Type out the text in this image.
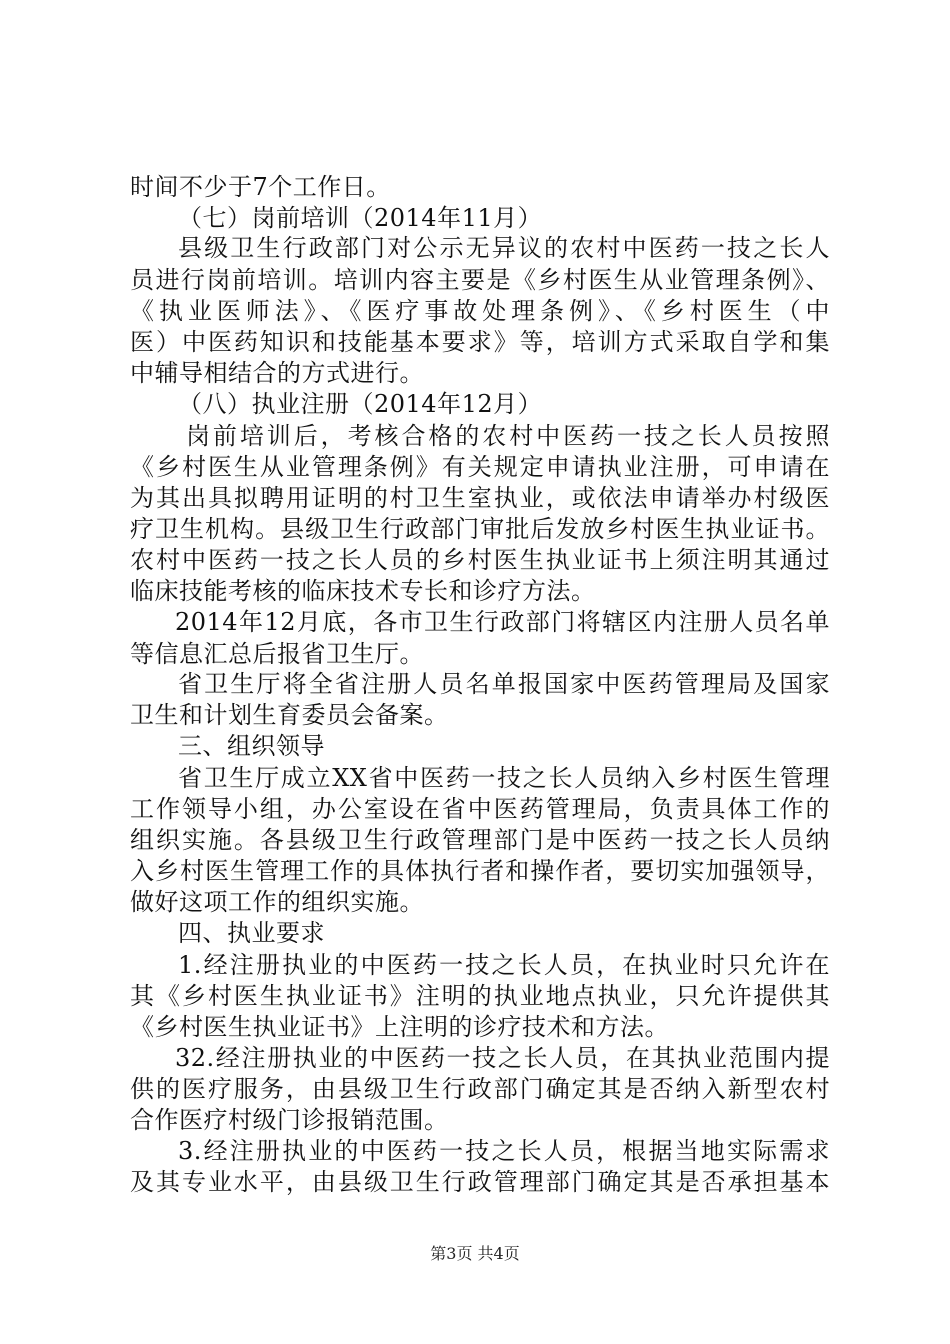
时间不少于7个工作日。
（七）岗前培训（2014年11月）
县级卫生行政部门对公示无异议的农村中医药一技之长人
员进行岗前培训。培训内容主要是《乡村医生从业管理条例》、
《执业医师法》、《医疗事故处理条例》、《乡村医生（中
医）中医药知识和技能基本要求》等，培训方式采取自学和集
中辅导相结合的方式进行。
（八）执业注册（2014年12月）
岗前培训后，考核合格的农村中医药一技之长人员按照
《乡村医生从业管理条例》有关规定申请执业注册，可申请在
为其出具拟聘用证明的村卫生室执业，或依法申请举办村级医
疗卫生机构。县级卫生行政部门审批后发放乡村医生执业证书。
农村中医药一技之长人员的乡村医生执业证书上须注明其通过
临床技能考核的临床技术专长和诊疗方法。
2014年12月底，各市卫生行政部门将辖区内注册人员名单
等信息汇总后报省卫生厅。
省卫生厅将全省注册人员名单报国家中医药管理局及国家
卫生和计划生育委员会备案。
三、组织领导
省卫生厅成立XX省中医药一技之长人员纳入乡村医生管理
工作领导小组，办公室设在省中医药管理局，负责具体工作的
组织实施。各县级卫生行政管理部门是中医药一技之长人员纳
入乡村医生管理工作的具体执行者和操作者，要切实加强领导，
做好这项工作的组织实施。
四、执业要求
1.经注册执业的中医药一技之长人员，在执业时只允许在
其《乡村医生执业证书》注明的执业地点执业，只允许提供其
《乡村医生执业证书》上注明的诊疗技术和方法。
32.经注册执业的中医药一技之长人员，在其执业范围内提
供的医疗服务，由县级卫生行政部门确定其是否纳入新型农村
合作医疗村级门诊报销范围。
3.经注册执业的中医药一技之长人员，根据当地实际需求
及其专业水平，由县级卫生行政管理部门确定其是否承担基本
第3页 共4页
